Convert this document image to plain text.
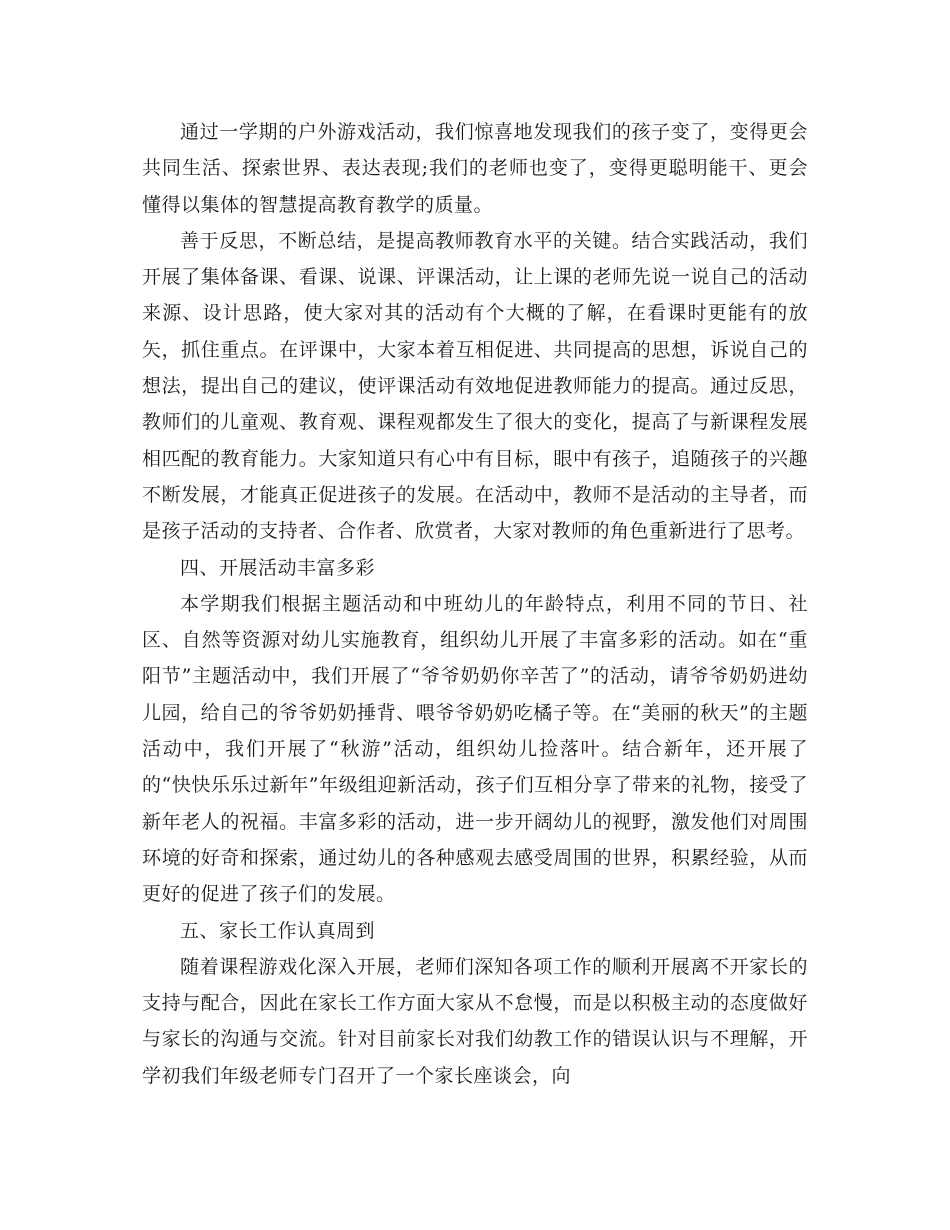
通过一学期的户外游戏活动，我们惊喜地发现我们的孩子变了，变得更会共同生活、探索世界、表达表现;我们的老师也变了，变得更聪明能干、更会懂得以集体的智慧提高教育教学的质量。

善于反思，不断总结，是提高教师教育水平的关键。结合实践活动，我们开展了集体备课、看课、说课、评课活动，让上课的老师先说一说自己的活动来源、设计思路，使大家对其的活动有个大概的了解，在看课时更能有的放矢，抓住重点。在评课中，大家本着互相促进、共同提高的思想，诉说自己的想法，提出自己的建议，使评课活动有效地促进教师能力的提高。通过反思，教师们的儿童观、教育观、课程观都发生了很大的变化，提高了与新课程发展相匹配的教育能力。大家知道只有心中有目标，眼中有孩子，追随孩子的兴趣不断发展，才能真正促进孩子的发展。在活动中，教师不是活动的主导者，而是孩子活动的支持者、合作者、欣赏者，大家对教师的角色重新进行了思考。

四、开展活动丰富多彩

本学期我们根据主题活动和中班幼儿的年龄特点，利用不同的节日、社区、自然等资源对幼儿实施教育，组织幼儿开展了丰富多彩的活动。如在“重阳节”主题活动中，我们开展了“爷爷奶奶你辛苦了”的活动，请爷爷奶奶进幼儿园，给自己的爷爷奶奶捶背、喂爷爷奶奶吃橘子等。在“美丽的秋天”的主题活动中，我们开展了“秋游”活动，组织幼儿捡落叶。结合新年，还开展了的“快快乐乐过新年”年级组迎新活动，孩子们互相分享了带来的礼物，接受了新年老人的祝福。丰富多彩的活动，进一步开阔幼儿的视野，激发他们对周围环境的好奇和探索，通过幼儿的各种感观去感受周围的世界，积累经验，从而更好的促进了孩子们的发展。

五、家长工作认真周到

随着课程游戏化深入开展，老师们深知各项工作的顺利开展离不开家长的支持与配合，因此在家长工作方面大家从不怠慢，而是以积极主动的态度做好与家长的沟通与交流。针对目前家长对我们幼教工作的错误认识与不理解，开学初我们年级老师专门召开了一个家长座谈会，向
